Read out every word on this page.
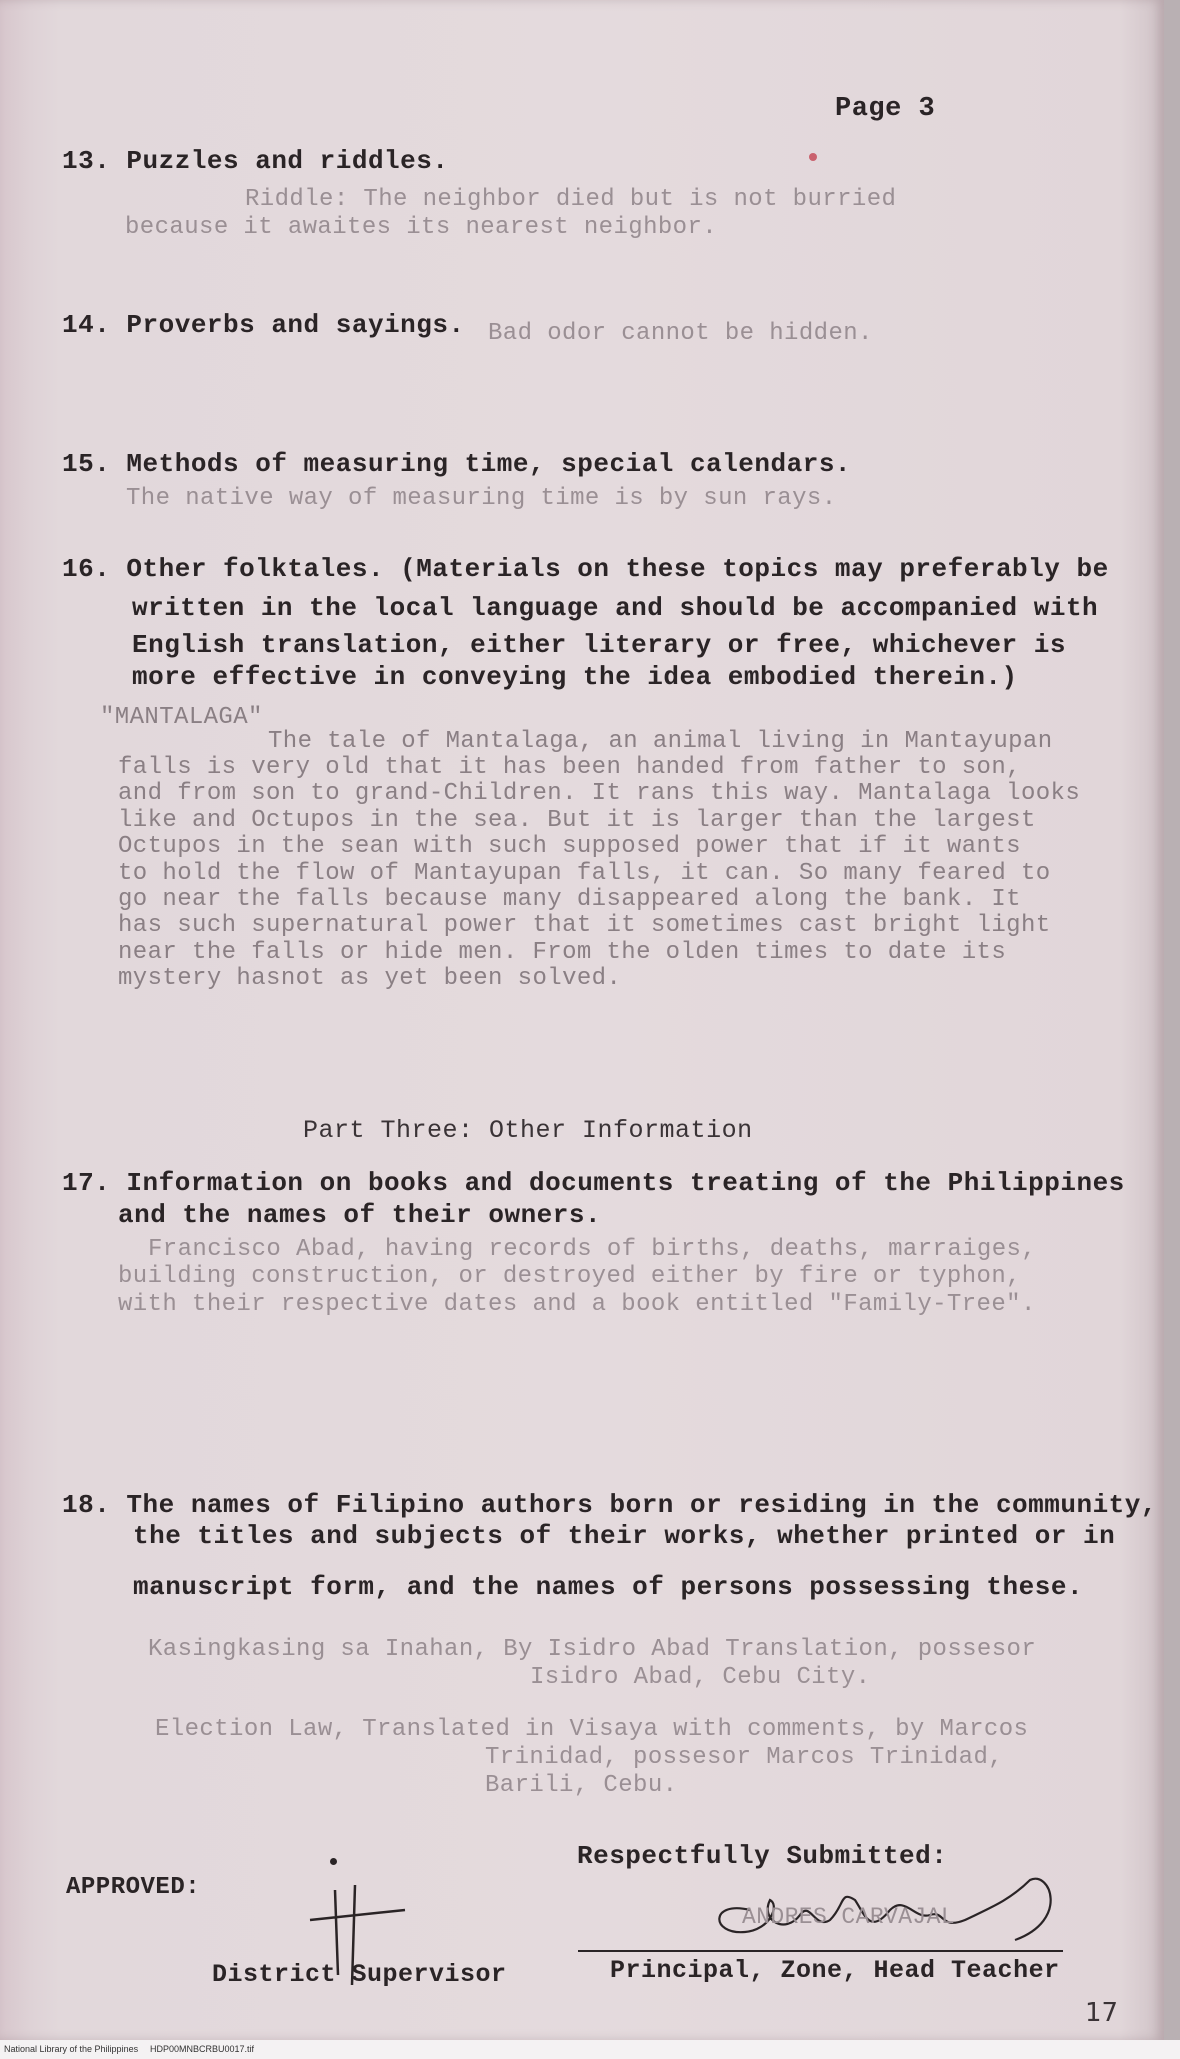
Page 3
13. Puzzles and riddles.
Riddle: The neighbor died but is not burried
because it awaites its nearest neighbor.
14. Proverbs and sayings. Bad odor cannot be hidden.
15. Methods of measuring time, special calendars.
The native way of measuring time is by sun rays.
16. Other folktales. (Materials on these topics may preferably be
written in the local language and should be accompanied with
English translation, either literary or free, whichever is
more effective in conveying the idea embodied therein.)
"MANTALAGA"
The tale of Mantalaga, an animal living in Mantayupan
falls is very old that it has been handed from father to son,
and from son to grand-Children. It rans this way. Mantalaga looks
like and Octupos in the sea. But it is larger than the largest
Octupos in the sean with such supposed power that if it wants
to hold the flow of Mantayupan falls, it can. So many feared to
go near the falls because many disappeared along the bank. It
has such supernatural power that it sometimes cast bright light
near the falls or hide men. From the olden times to date its
mystery hasnot as yet been solved.
Part Three: Other Information
17. Information on books and documents treating of the Philippines
and the names of their owners.
Francisco Abad, having records of births, deaths, marraiges,
building construction, or destroyed either by fire or typhon,
with their respective dates and a book entitled "Family-Tree".
18. The names of Filipino authors born or residing in the community,
the titles and subjects of their works, whether printed or in
manuscript form, and the names of persons possessing these.
Kasingkasing sa Inahan, By Isidro Abad Translation, possesor
Isidro Abad, Cebu City.
Election Law, Translated in Visaya with comments, by Marcos
Trinidad, possesor Marcos Trinidad,
Barili, Cebu.
APPROVED:
Respectfully Submitted:
ANDRES CARVAJAL
District Supervisor	Principal, Zone, Head Teacher
17
National Library of the Philippines HDP00MNBCRBU0017.tif
